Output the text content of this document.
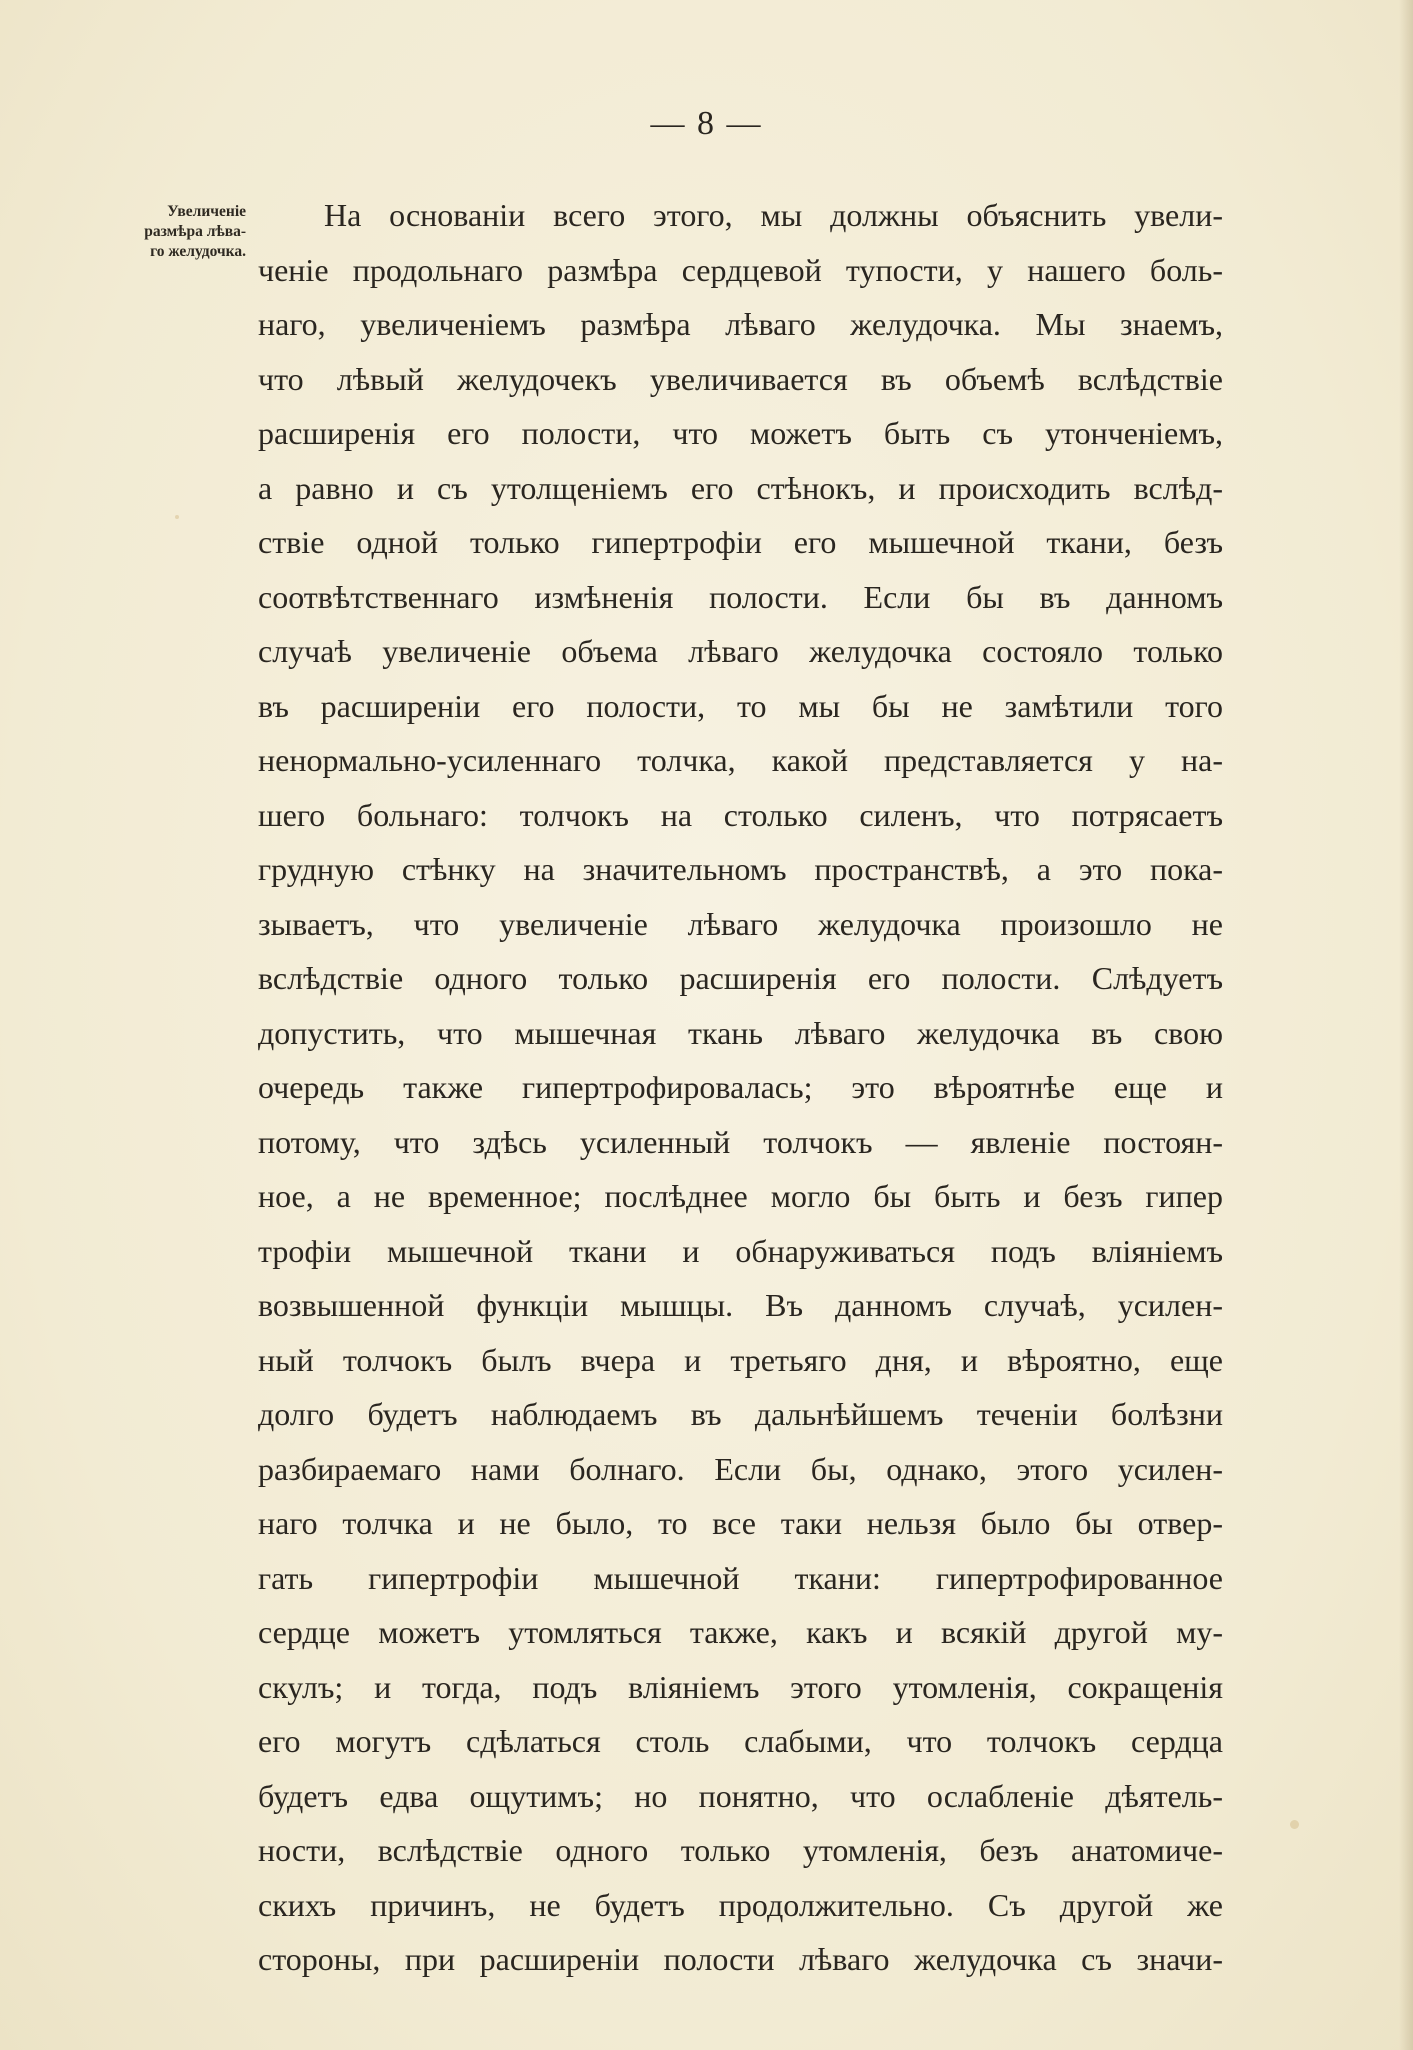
— 8 —
Увеличеніе
размѣра лѣва-
го желудочка.
На основаніи всего этого, мы должны объяснить увели-
ченіе продольнаго размѣра сердцевой тупости, у нашего боль-
наго, увеличеніемъ размѣра лѣваго желудочка. Мы знаемъ,
что лѣвый желудочекъ увеличивается въ объемѣ вслѣдствіе
расширенія его полости, что можетъ быть съ утонченіемъ,
а равно и съ утолщеніемъ его стѣнокъ, и происходить вслѣд-
ствіе одной только гипертрофіи его мышечной ткани, безъ
соотвѣтственнаго измѣненія полости. Если бы въ данномъ
случаѣ увеличеніе объема лѣваго желудочка состояло только
въ расширеніи его полости, то мы бы не замѣтили того
ненормально-усиленнаго толчка, какой представляется у на-
шего больнаго: толчокъ на столько силенъ, что потрясаетъ
грудную стѣнку на значительномъ пространствѣ, а это пока-
зываетъ, что увеличеніе лѣваго желудочка произошло не
вслѣдствіе одного только расширенія его полости. Слѣдуетъ
допустить, что мышечная ткань лѣваго желудочка въ свою
очередь также гипертрофировалась; это вѣроятнѣе еще и
потому, что здѣсь усиленный толчокъ — явленіе постоян-
ное, а не временное; послѣднее могло бы быть и безъ гипер
трофіи мышечной ткани и обнаруживаться подъ вліяніемъ
возвышенной функціи мышцы. Въ данномъ случаѣ, усилен-
ный толчокъ былъ вчера и третьяго дня, и вѣроятно, еще
долго будетъ наблюдаемъ въ дальнѣйшемъ теченіи болѣзни
разбираемаго нами болнаго. Если бы, однако, этого усилен-
наго толчка и не было, то все таки нельзя было бы отвер-
гать гипертрофіи мышечной ткани: гипертрофированное
сердце можетъ утомляться также, какъ и всякій другой му-
скулъ; и тогда, подъ вліяніемъ этого утомленія, сокращенія
его могутъ сдѣлаться столь слабыми, что толчокъ сердца
будетъ едва ощутимъ; но понятно, что ослабленіе дѣятель-
ности, вслѣдствіе одного только утомленія, безъ анатомиче-
скихъ причинъ, не будетъ продолжительно. Съ другой же
стороны, при расширеніи полости лѣваго желудочка съ значи-
